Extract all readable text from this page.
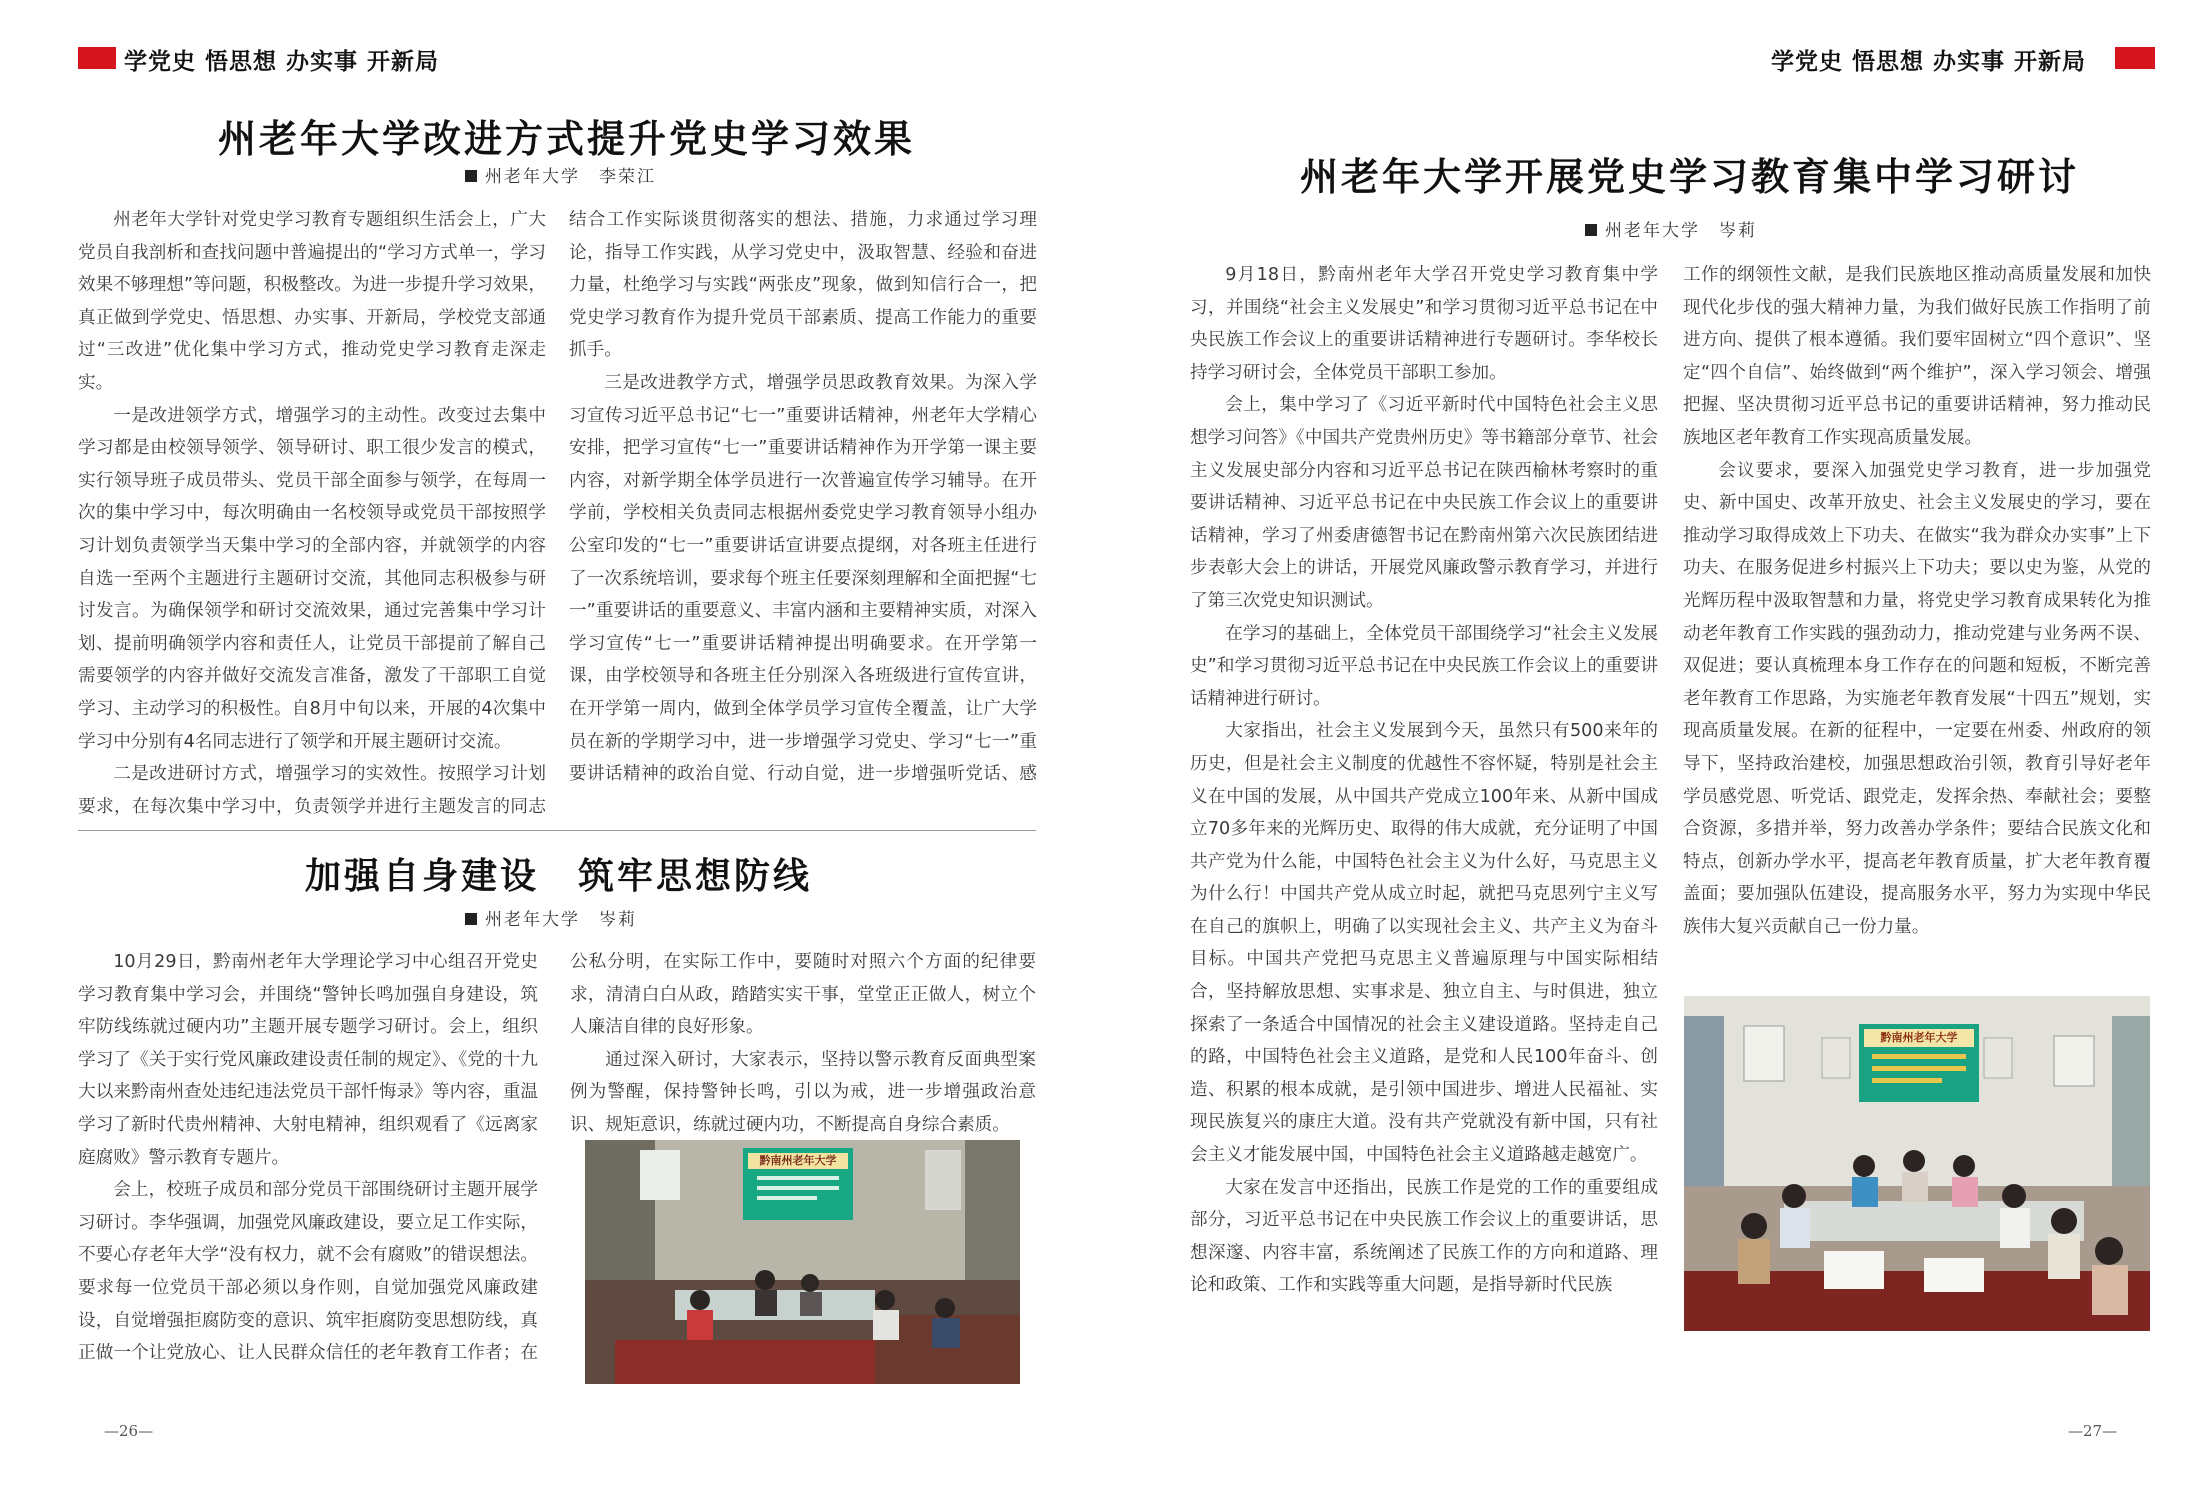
学党史 悟思想 办实事 开新局	学党史 悟思想 办实事 开新局
州老年大学改进方式提升党史学习效果
州老年大学　李荣江

州老年大学针对党史学习教育专题组织生活会上，广大党员自我剖析和查找问题中普遍提出的“学习方式单一，学习效果不够理想”等问题，积极整改。为进一步提升学习效果，真正做到学党史、悟思想、办实事、开新局，学校党支部通过“三改进”优化集中学习方式，推动党史学习教育走深走实。

一是改进领学方式，增强学习的主动性。改变过去集中学习都是由校领导领学、领导研讨、职工很少发言的模式，实行领导班子成员带头、党员干部全面参与领学，在每周一次的集中学习中，每次明确由一名校领导或党员干部按照学习计划负责领学当天集中学习的全部内容，并就领学的内容自选一至两个主题进行主题研讨交流，其他同志积极参与研讨发言。为确保领学和研讨交流效果，通过完善集中学习计划、提前明确领学内容和责任人，让党员干部提前了解自己需要领学的内容并做好交流发言准备，激发了干部职工自觉学习、主动学习的积极性。自8月中旬以来，开展的4次集中学习中分别有4名同志进行了领学和开展主题研讨交流。

二是改进研讨方式，增强学习的实效性。按照学习计划要求，在每次集中学习中，负责领学并进行主题发言的同志

结合工作实际谈贯彻落实的想法、措施，力求通过学习理论，指导工作实践，从学习党史中，汲取智慧、经验和奋进力量，杜绝学习与实践“两张皮”现象，做到知信行合一，把党史学习教育作为提升党员干部素质、提高工作能力的重要抓手。

三是改进教学方式，增强学员思政教育效果。为深入学习宣传习近平总书记“七一”重要讲话精神，州老年大学精心安排，把学习宣传“七一”重要讲话精神作为开学第一课主要内容，对新学期全体学员进行一次普遍宣传学习辅导。在开学前，学校相关负责同志根据州委党史学习教育领导小组办公室印发的“七一”重要讲话宣讲要点提纲，对各班主任进行了一次系统培训，要求每个班主任要深刻理解和全面把握“七一”重要讲话的重要意义、丰富内涵和主要精神实质，对深入学习宣传“七一”重要讲话精神提出明确要求。在开学第一课，由学校领导和各班主任分别深入各班级进行宣传宣讲，在开学第一周内，做到全体学员学习宣传全覆盖，让广大学员在新的学期学习中，进一步增强学习党史、学习“七一”重要讲话精神的政治自觉、行动自觉，进一步增强听党话、感

加强自身建设　筑牢思想防线
州老年大学　岑莉

10月29日，黔南州老年大学理论学习中心组召开党史学习教育集中学习会，并围绕“警钟长鸣加强自身建设，筑牢防线练就过硬内功”主题开展专题学习研讨。会上，组织学习了《关于实行党风廉政建设责任制的规定》、《党的十九大以来黔南州查处违纪违法党员干部忏悔录》等内容，重温学习了新时代贵州精神、大射电精神，组织观看了《远离家庭腐败》警示教育专题片。

会上，校班子成员和部分党员干部围绕研讨主题开展学习研讨。李华强调，加强党风廉政建设，要立足工作实际，不要心存老年大学“没有权力，就不会有腐败”的错误想法。要求每一位党员干部必须以身作则，自觉加强党风廉政建设，自觉增强拒腐防变的意识、筑牢拒腐防变思想防线，真正做一个让党放心、让人民群众信任的老年教育工作者；在

公私分明，在实际工作中，要随时对照六个方面的纪律要求，清清白白从政，踏踏实实干事，堂堂正正做人，树立个人廉洁自律的良好形象。

通过深入研讨，大家表示，坚持以警示教育反面典型案例为警醒，保持警钟长鸣，引以为戒，进一步增强政治意识、规矩意识，练就过硬内功，不断提高自身综合素质。

黔南州老年大学
—26—
州老年大学开展党史学习教育集中学习研讨
州老年大学　岑莉

9月18日，黔南州老年大学召开党史学习教育集中学习，并围绕“社会主义发展史”和学习贯彻习近平总书记在中央民族工作会议上的重要讲话精神进行专题研讨。李华校长持学习研讨会，全体党员干部职工参加。

会上，集中学习了《习近平新时代中国特色社会主义思想学习问答》《中国共产党贵州历史》等书籍部分章节、社会主义发展史部分内容和习近平总书记在陕西榆林考察时的重要讲话精神、习近平总书记在中央民族工作会议上的重要讲话精神，学习了州委唐德智书记在黔南州第六次民族团结进步表彰大会上的讲话，开展党风廉政警示教育学习，并进行了第三次党史知识测试。

在学习的基础上，全体党员干部围绕学习“社会主义发展史”和学习贯彻习近平总书记在中央民族工作会议上的重要讲话精神进行研讨。

大家指出，社会主义发展到今天，虽然只有500来年的历史，但是社会主义制度的优越性不容怀疑，特别是社会主义在中国的发展，从中国共产党成立100年来、从新中国成立70多年来的光辉历史、取得的伟大成就，充分证明了中国共产党为什么能，中国特色社会主义为什么好，马克思主义为什么行！中国共产党从成立时起，就把马克思列宁主义写在自己的旗帜上，明确了以实现社会主义、共产主义为奋斗目标。中国共产党把马克思主义普遍原理与中国实际相结合，坚持解放思想、实事求是、独立自主、与时俱进，独立探索了一条适合中国情况的社会主义建设道路。坚持走自己的路，中国特色社会主义道路，是党和人民100年奋斗、创造、积累的根本成就，是引领中国进步、增进人民福祉、实现民族复兴的康庄大道。没有共产党就没有新中国，只有社会主义才能发展中国，中国特色社会主义道路越走越宽广。

大家在发言中还指出，民族工作是党的工作的重要组成部分，习近平总书记在中央民族工作会议上的重要讲话，思想深邃、内容丰富，系统阐述了民族工作的方向和道路、理论和政策、工作和实践等重大问题，是指导新时代民族

工作的纲领性文献，是我们民族地区推动高质量发展和加快现代化步伐的强大精神力量，为我们做好民族工作指明了前进方向、提供了根本遵循。我们要牢固树立“四个意识”、坚定“四个自信”、始终做到“两个维护”，深入学习领会、增强把握、坚决贯彻习近平总书记的重要讲话精神，努力推动民族地区老年教育工作实现高质量发展。

会议要求，要深入加强党史学习教育，进一步加强党史、新中国史、改革开放史、社会主义发展史的学习，要在推动学习取得成效上下功夫、在做实“我为群众办实事”上下功夫、在服务促进乡村振兴上下功夫；要以史为鉴，从党的光辉历程中汲取智慧和力量，将党史学习教育成果转化为推动老年教育工作实践的强劲动力，推动党建与业务两不误、双促进；要认真梳理本身工作存在的问题和短板，不断完善老年教育工作思路，为实施老年教育发展“十四五”规划，实现高质量发展。在新的征程中，一定要在州委、州政府的领导下，坚持政治建校，加强思想政治引领，教育引导好老年学员感党恩、听党话、跟党走，发挥余热、奉献社会；要整合资源，多措并举，努力改善办学条件；要结合民族文化和特点，创新办学水平，提高老年教育质量，扩大老年教育覆盖面；要加强队伍建设，提高服务水平，努力为实现中华民族伟大复兴贡献自己一份力量。

黔南州老年大学
—27—
